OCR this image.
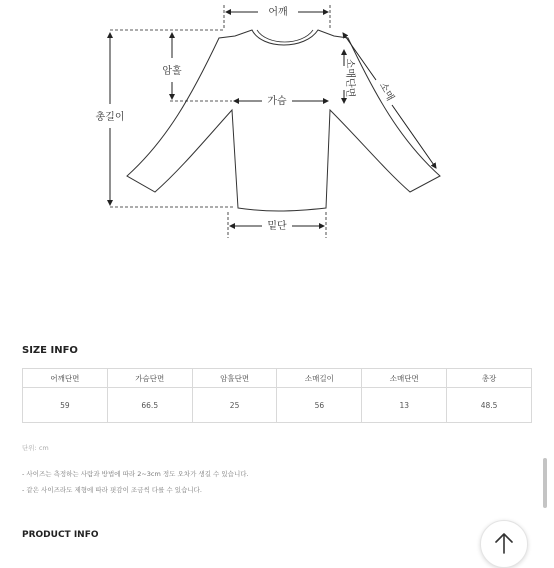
어깨
암홀
총길이
가슴
소매단면 소매
밑단
SIZE INFO
어깨단면	가슴단면	암홀단면	소매길이	소매단면	총장
59	66.5	25	56	13	48.5
단위: cm
- 사이즈는 측정하는 사람과 방법에 따라 2~3cm 정도 오차가 생길 수 있습니다.
- 같은 사이즈라도 제형에 따라 핏감이 조금씩 다를 수 있습니다.
PRODUCT INFO
